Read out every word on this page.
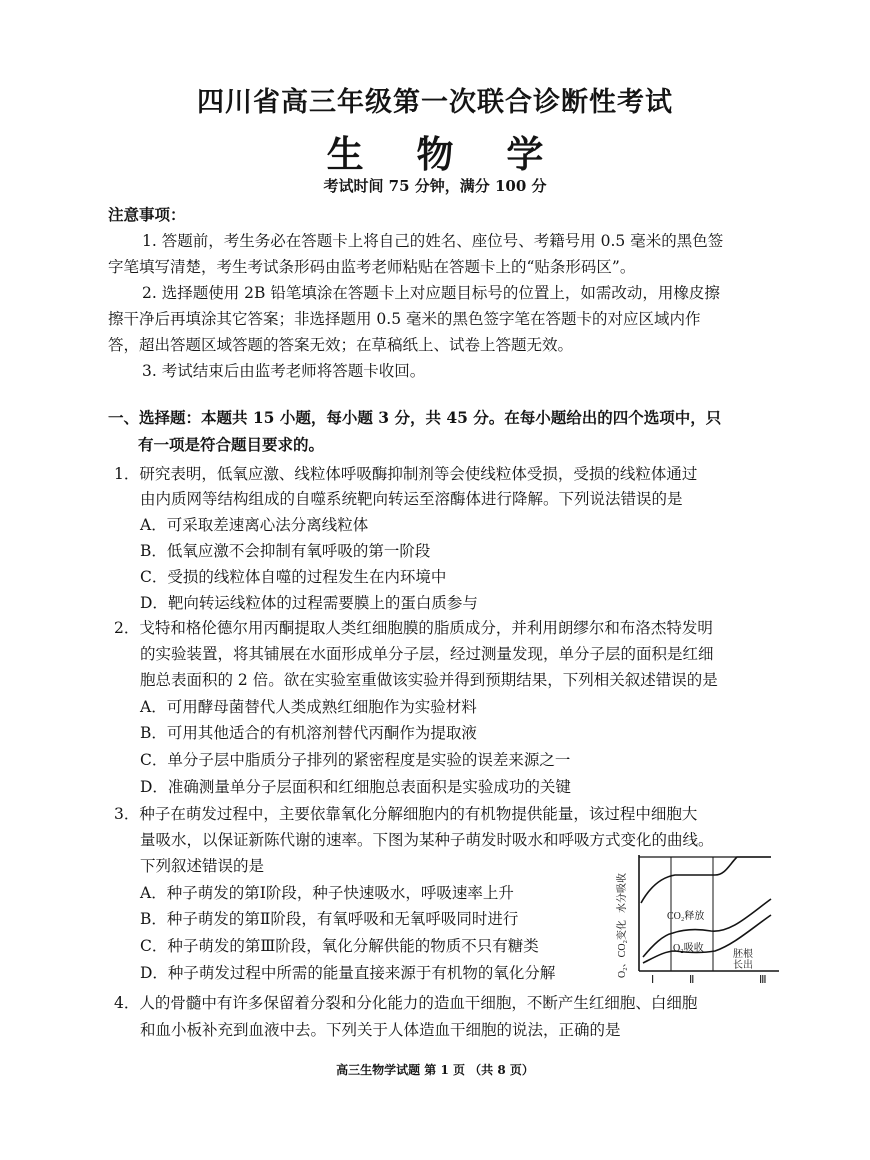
四川省高三年级第一次联合诊断性考试
生 物 学
考试时间 75 分钟，满分 100 分
注意事项：
1. 答题前，考生务必在答题卡上将自己的姓名、座位号、考籍号用 0.5 毫米的黑色签
字笔填写清楚，考生考试条形码由监考老师粘贴在答题卡上的“贴条形码区”。
2. 选择题使用 2B 铅笔填涂在答题卡上对应题目标号的位置上，如需改动，用橡皮擦
擦干净后再填涂其它答案；非选择题用 0.5 毫米的黑色签字笔在答题卡的对应区域内作
答，超出答题区域答题的答案无效；在草稿纸上、试卷上答题无效。
3. 考试结束后由监考老师将答题卡收回。
一、选择题：本题共 15 小题，每小题 3 分，共 45 分。在每小题给出的四个选项中，只
有一项是符合题目要求的。
1．研究表明，低氧应激、线粒体呼吸酶抑制剂等会使线粒体受损，受损的线粒体通过
由内质网等结构组成的自噬系统靶向转运至溶酶体进行降解。下列说法错误的是
A．可采取差速离心法分离线粒体
B．低氧应激不会抑制有氧呼吸的第一阶段
C．受损的线粒体自噬的过程发生在内环境中
D．靶向转运线粒体的过程需要膜上的蛋白质参与
2．戈特和格伦德尔用丙酮提取人类红细胞膜的脂质成分，并利用朗缪尔和布洛杰特发明
的实验装置，将其铺展在水面形成单分子层，经过测量发现，单分子层的面积是红细
胞总表面积的 2 倍。欲在实验室重做该实验并得到预期结果，下列相关叙述错误的是
A．可用酵母菌替代人类成熟红细胞作为实验材料
B．可用其他适合的有机溶剂替代丙酮作为提取液
C．单分子层中脂质分子排列的紧密程度是实验的误差来源之一
D．准确测量单分子层面积和红细胞总表面积是实验成功的关键
3．种子在萌发过程中，主要依靠氧化分解细胞内的有机物提供能量，该过程中细胞大
量吸水，以保证新陈代谢的速率。下图为某种子萌发时吸水和呼吸方式变化的曲线。
下列叙述错误的是
A．种子萌发的第Ⅰ阶段，种子快速吸水，呼吸速率上升
B．种子萌发的第Ⅱ阶段，有氧呼吸和无氧呼吸同时进行
C．种子萌发的第Ⅲ阶段，氧化分解供能的物质不只有糖类
D．种子萌发过程中所需的能量直接来源于有机物的氧化分解
水分吸收
O₂、CO₂变化
CO₂释放
O₂吸收
胚根
长出
Ⅰ	Ⅱ	Ⅲ
4．人的骨髓中有许多保留着分裂和分化能力的造血干细胞，不断产生红细胞、白细胞
和血小板补充到血液中去。下列关于人体造血干细胞的说法，正确的是
高三生物学试题 第 1 页 （共 8 页）
